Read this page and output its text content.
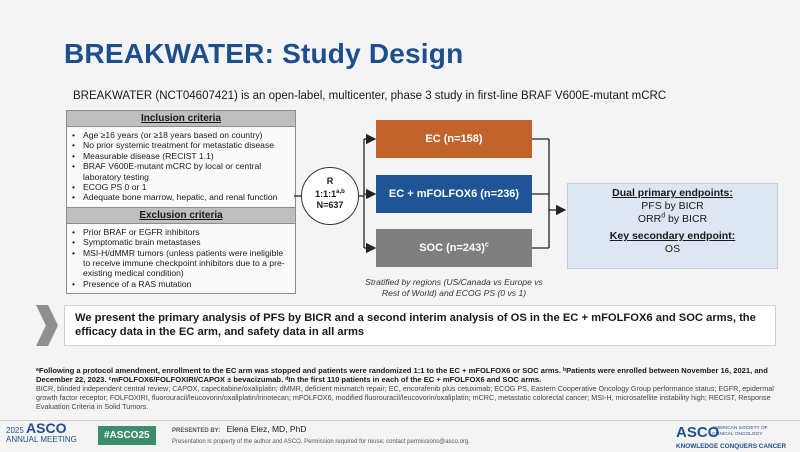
BREAKWATER: Study Design
BREAKWATER (NCT04607421) is an open-label, multicenter, phase 3 study in first-line BRAF V600E-mutant mCRC
Inclusion criteria
• Age ≥16 years (or ≥18 years based on country)
• No prior systemic treatment for metastatic disease
• Measurable disease (RECIST 1.1)
• BRAF V600E-mutant mCRC by local or central laboratory testing
• ECOG PS 0 or 1
• Adequate bone marrow, hepatic, and renal function
Exclusion criteria
• Prior BRAF or EGFR inhibitors
• Symptomatic brain metastases
• MSI-H/dMMR tumors (unless patients were ineligible to receive immune checkpoint inhibitors due to a pre-existing medical condition)
• Presence of a RAS mutation
R
1:1:1$^{a,b}$
N=637
EC (n=158)
EC + mFOLFOX6 (n=236)
SOC (n=243)$^c$
Stratified by regions (US/Canada vs Europe vs Rest of World) and ECOG PS (0 vs 1)
Dual primary endpoints:
PFS by BICR
ORR$^d$ by BICR
Key secondary endpoint:
OS
We present the primary analysis of PFS by BICR and a second interim analysis of OS in the EC + mFOLFOX6 and SOC arms, the efficacy data in the EC arm, and safety data in all arms
ᵃFollowing a protocol amendment, enrollment to the EC arm was stopped and patients were randomized 1:1 to the EC + mFOLFOX6 or SOC arms. ᵇPatients were enrolled between November 16, 2021, and December 22, 2023. ᶜmFOLFOX6/FOLFOXIRI/CAPOX ± bevacizumab. ᵈIn the first 110 patients in each of the EC + mFOLFOX6 and SOC arms.
BICR, blinded independent central review; CAPOX, capecitabine/oxaliplatin; dMMR, deficient mismatch repair; EC, encorafenib plus cetuximab; ECOG PS, Eastern Cooperative Oncology Group performance status; EGFR, epidermal growth factor receptor; FOLFOXIRI, fluorouracil/leucovorin/oxaliplatin/irinotecan; mFOLFOX6, modified fluorouracil/leucovorin/oxaliplatin; mCRC, metastatic colorectal cancer; MSI-H, microsatellite instability high; RECIST, Response Evaluation Criteria in Solid Tumors.
2025 ASCO
ANNUAL MEETING	#ASCO25	PRESENTED BY: Elena Elez, MD, PhD
Presentation is property of the author and ASCO. Permission required for reuse; contact permissions@asco.org.
ASCO
AMERICAN SOCIETY OF CLINICAL ONCOLOGY
KNOWLEDGE CONQUERS CANCER
